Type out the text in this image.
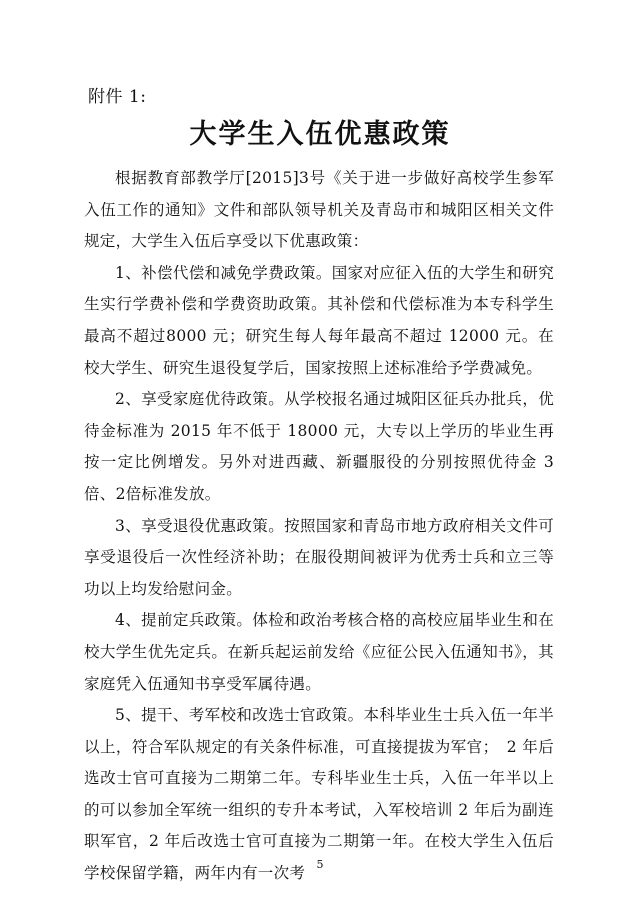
附件 1:
大学生入伍优惠政策

根据教育部教学厅[2015]3号《关于进一步做好高校学生参军入伍工作的通知》文件和部队领导机关及青岛市和城阳区相关文件规定，大学生入伍后享受以下优惠政策：

1、补偿代偿和减免学费政策。国家对应征入伍的大学生和研究生实行学费补偿和学费资助政策。其补偿和代偿标准为本专科学生最高不超过8000 元；研究生每人每年最高不超过 12000 元。在校大学生、研究生退役复学后，国家按照上述标准给予学费减免。

2、享受家庭优待政策。从学校报名通过城阳区征兵办批兵，优待金标准为 2015 年不低于 18000 元，大专以上学历的毕业生再按一定比例增发。另外对进西藏、新疆服役的分别按照优待金 3倍、2倍标准发放。

3、享受退役优惠政策。按照国家和青岛市地方政府相关文件可享受退役后一次性经济补助；在服役期间被评为优秀士兵和立三等功以上均发给慰问金。

4、提前定兵政策。体检和政治考核合格的高校应届毕业生和在校大学生优先定兵。在新兵起运前发给《应征公民入伍通知书》，其家庭凭入伍通知书享受军属待遇。

5、提干、考军校和改选士官政策。本科毕业生士兵入伍一年半以上，符合军队规定的有关条件标准，可直接提拔为军官；　2 年后选改士官可直接为二期第二年。专科毕业生士兵，入伍一年半以上的可以参加全军统一组织的专升本考试，入军校培训 2 年后为副连职军官，2 年后改选士官可直接为二期第一年。在校大学生入伍后学校保留学籍，两年内有一次考	5
